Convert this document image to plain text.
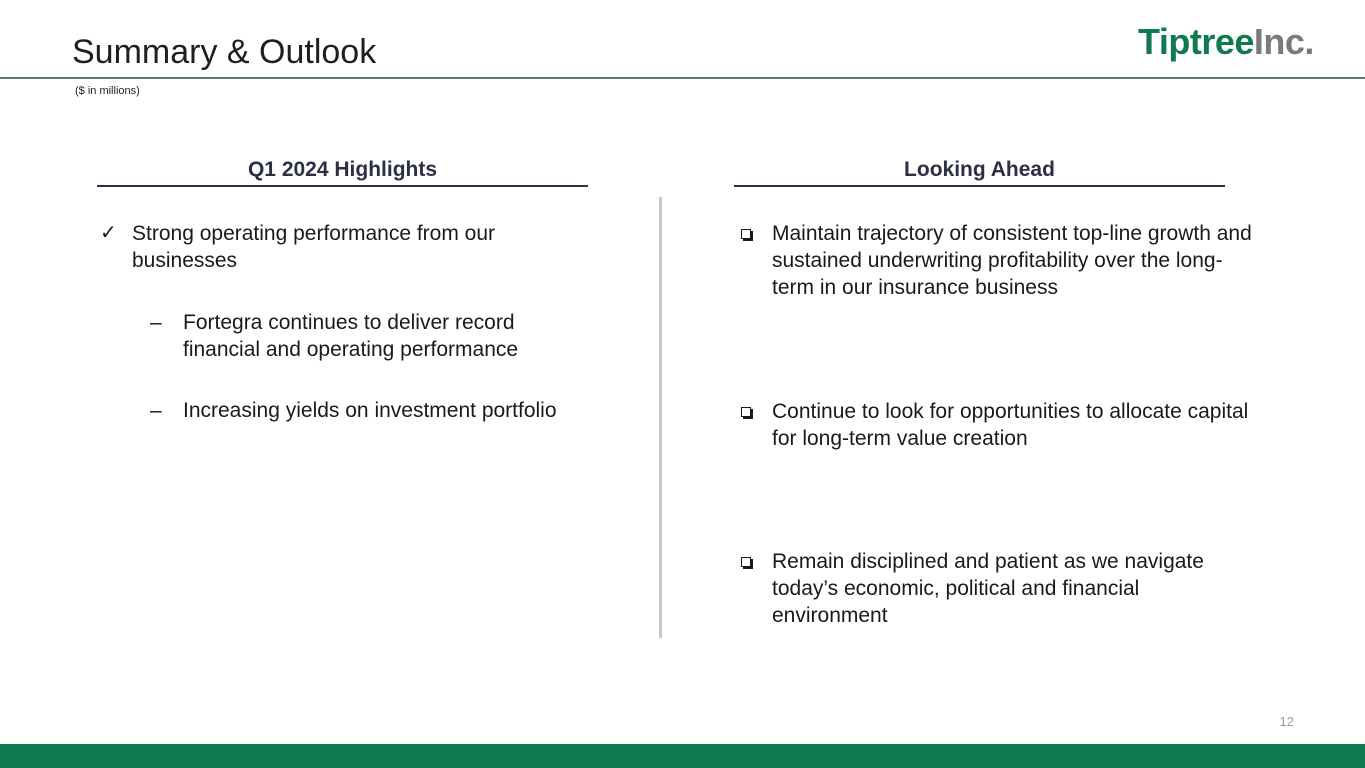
Summary & Outlook	TiptreeInc.
($ in millions)
Q1 2024 Highlights
✓ Strong operating performance from our businesses
– Fortegra continues to deliver record financial and operating performance
– Increasing yields on investment portfolio
Looking Ahead
Maintain trajectory of consistent top-line growth and sustained underwriting profitability over the long-term in our insurance business
Continue to look for opportunities to allocate capital for long-term value creation
Remain disciplined and patient as we navigate today’s economic, political and financial environment
12
